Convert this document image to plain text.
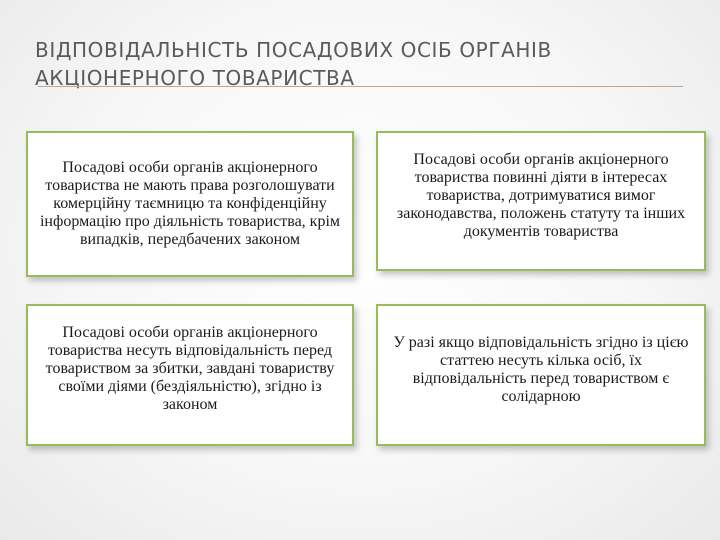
ВІДПОВІДАЛЬНІСТЬ ПОСАДОВИХ ОСІБ ОРГАНІВ АКЦІОНЕРНОГО ТОВАРИСТВА

Посадові особи органів акціонерного товариства не мають права розголошувати комерційну таємницю та конфіденційну інформацію про діяльність товариства, крім випадків, передбачених законом

Посадові особи органів акціонерного товариства повинні діяти в інтересах товариства, дотримуватися вимог законодавства, положень статуту та інших документів товариства

Посадові особи органів акціонерного товариства несуть відповідальність перед товариством за збитки, завдані товариству своїми діями (бездіяльністю), згідно із законом

У разі якщо відповідальність згідно із цією статтею несуть кілька осіб, їх відповідальність перед товариством є солідарною
